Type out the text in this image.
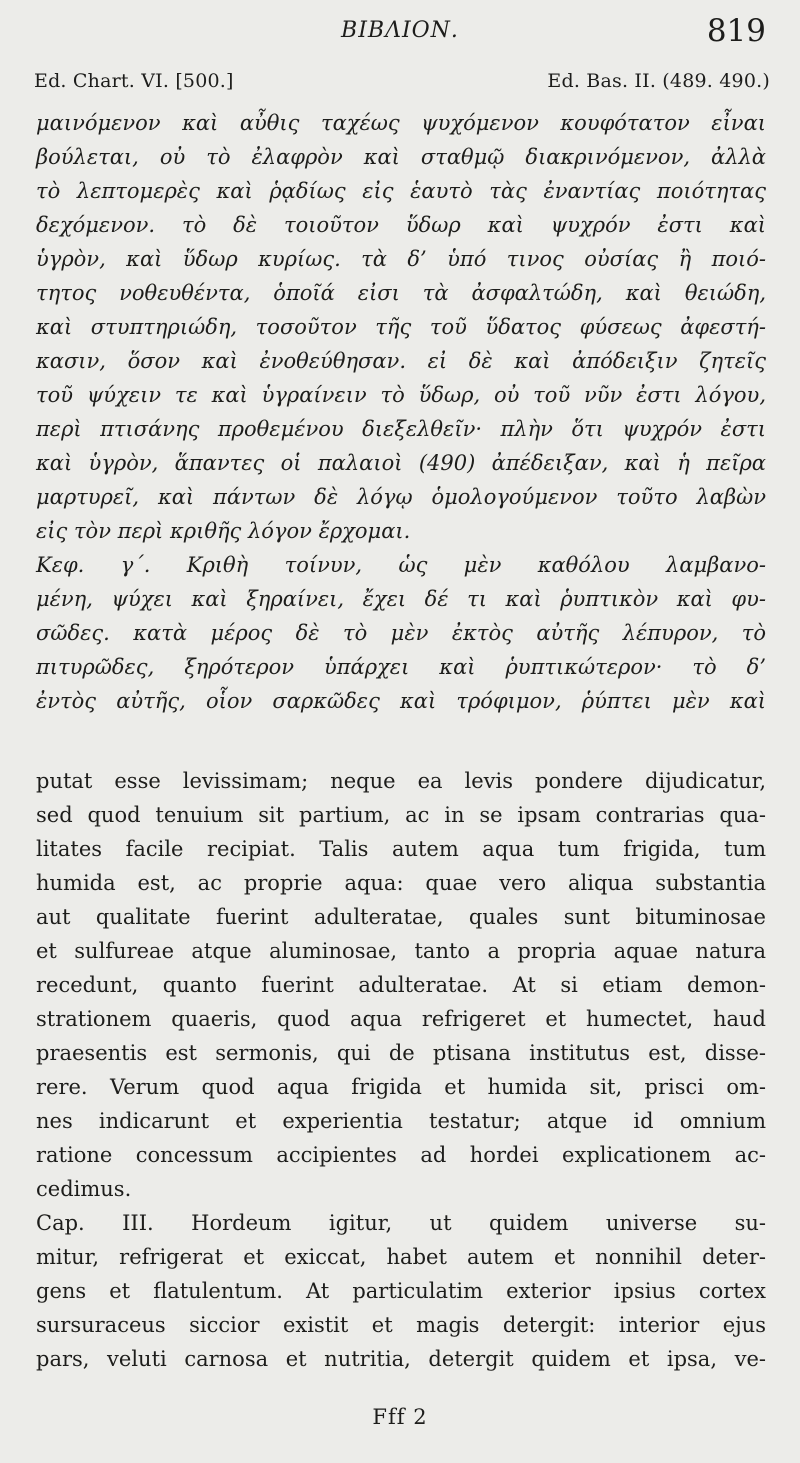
BIBΛΙΟΝ.	819
Ed. Chart. VI. [500.]	Ed. Bas. II. (489. 490.)
μαινόμενον καὶ αὖθις ταχέως ψυχόμενον κουφότατον εἶναι
βούλεται, οὐ τὸ ἐλαφρὸν καὶ σταθμῷ διακρινόμενον, ἀλλὰ
τὸ λεπτομερὲς καὶ ῥᾳδίως εἰς ἑαυτὸ τὰς ἐναντίας ποιότητας
δεχόμενον. τὸ δὲ τοιοῦτον ὕδωρ καὶ ψυχρόν ἐστι καὶ
ὑγρὸν, καὶ ὕδωρ κυρίως. τὰ δ’ ὑπό τινος οὐσίας ἢ ποιό-
τητος νοθευθέντα, ὁποῖά εἰσι τὰ ἀσφαλτώδη, καὶ θειώδη,
καὶ στυπτηριώδη, τοσοῦτον τῆς τοῦ ὕδατος φύσεως ἀφεστή-
κασιν, ὅσον καὶ ἐνοθεύθησαν. εἰ δὲ καὶ ἀπόδειξιν ζητεῖς
τοῦ ψύχειν τε καὶ ὑγραίνειν τὸ ὕδωρ, οὐ τοῦ νῦν ἐστι λόγου,
περὶ πτισάνης προθεμένου διεξελθεῖν· πλὴν ὅτι ψυχρόν ἐστι
καὶ ὑγρὸν, ἅπαντες οἱ παλαιοὶ (490) ἀπέδειξαν, καὶ ἡ πεῖρα
μαρτυρεῖ, καὶ πάντων δὲ λόγῳ ὁμολογούμενον τοῦτο λαβὼν
εἰς τὸν περὶ κριθῆς λόγον ἔρχομαι.
Κεφ. γ΄. Κριθὴ τοίνυν, ὡς μὲν καθόλου λαμβανο-
μένη, ψύχει καὶ ξηραίνει, ἔχει δέ τι καὶ ῥυπτικὸν καὶ φυ-
σῶδες. κατὰ μέρος δὲ τὸ μὲν ἐκτὸς αὐτῆς λέπυρον, τὸ
πιτυρῶδες, ξηρότερον ὑπάρχει καὶ ῥυπτικώτερον· τὸ δ’
ἐντὸς αὐτῆς, οἷον σαρκῶδες καὶ τρόφιμον, ῥύπτει μὲν καὶ
putat esse levissimam; neque ea levis pondere dijudicatur,
sed quod tenuium sit partium, ac in se ipsam contrarias qua-
litates facile recipiat. Talis autem aqua tum frigida, tum
humida est, ac proprie aqua: quae vero aliqua substantia
aut qualitate fuerint adulteratae, quales sunt bituminosae
et sulfureae atque aluminosae, tanto a propria aquae natura
recedunt, quanto fuerint adulteratae. At si etiam demon-
strationem quaeris, quod aqua refrigeret et humectet, haud
praesentis est sermonis, qui de ptisana institutus est, disse-
rere. Verum quod aqua frigida et humida sit, prisci om-
nes indicarunt et experientia testatur; atque id omnium
ratione concessum accipientes ad hordei explicationem ac-
cedimus.
Cap. III. Hordeum igitur, ut quidem universe su-
mitur, refrigerat et exiccat, habet autem et nonnihil deter-
gens et flatulentum. At particulatim exterior ipsius cortex
sursuraceus siccior existit et magis detergit: interior ejus
pars, veluti carnosa et nutritia, detergit quidem et ipsa, ve-
Fff 2
